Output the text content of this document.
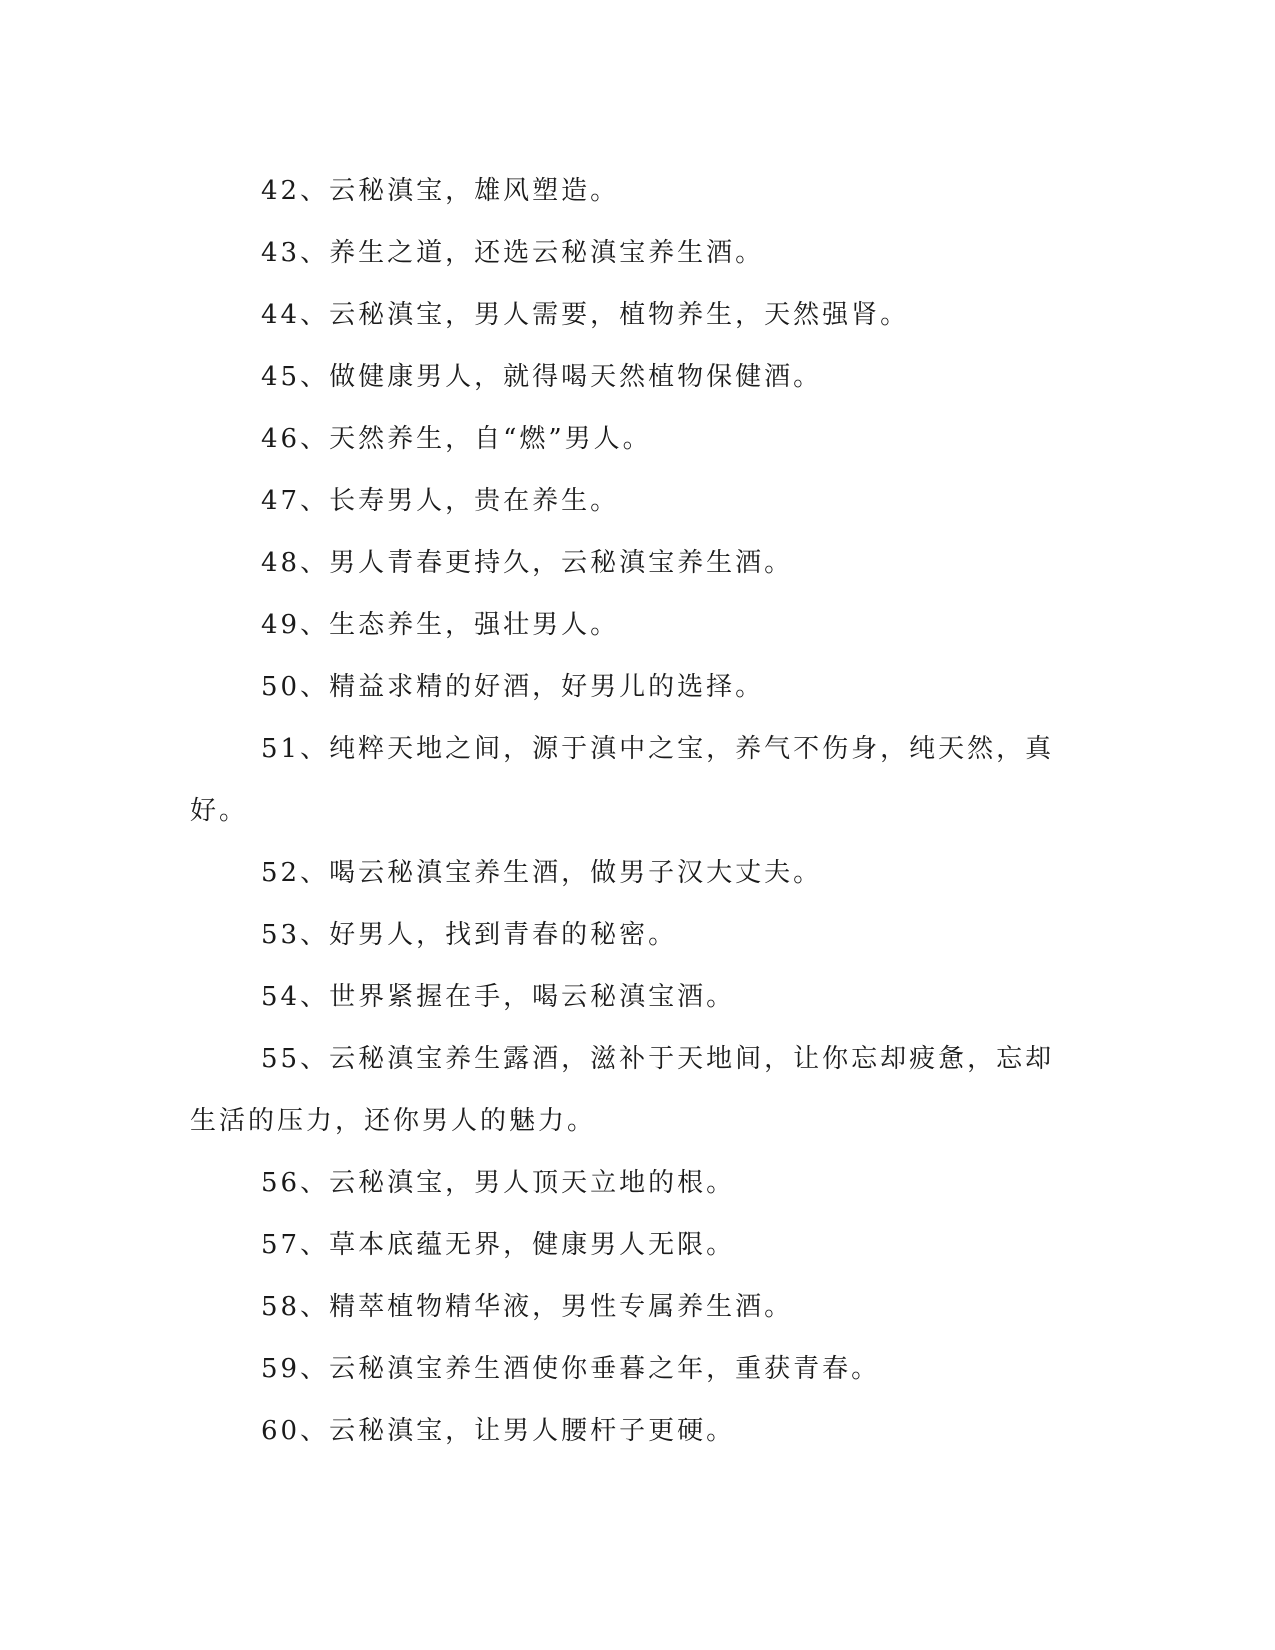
42、云秘滇宝，雄风塑造。

43、养生之道，还选云秘滇宝养生酒。

44、云秘滇宝，男人需要，植物养生，天然强肾。

45、做健康男人，就得喝天然植物保健酒。

46、天然养生，自“燃”男人。

47、长寿男人，贵在养生。

48、男人青春更持久，云秘滇宝养生酒。

49、生态养生，强壮男人。

50、精益求精的好酒，好男儿的选择。

51、纯粹天地之间，源于滇中之宝，养气不伤身，纯天然，真好。

52、喝云秘滇宝养生酒，做男子汉大丈夫。

53、好男人，找到青春的秘密。

54、世界紧握在手，喝云秘滇宝酒。

55、云秘滇宝养生露酒，滋补于天地间，让你忘却疲惫，忘却生活的压力，还你男人的魅力。

56、云秘滇宝，男人顶天立地的根。

57、草本底蕴无界，健康男人无限。

58、精萃植物精华液，男性专属养生酒。

59、云秘滇宝养生酒使你垂暮之年，重获青春。

60、云秘滇宝，让男人腰杆子更硬。
